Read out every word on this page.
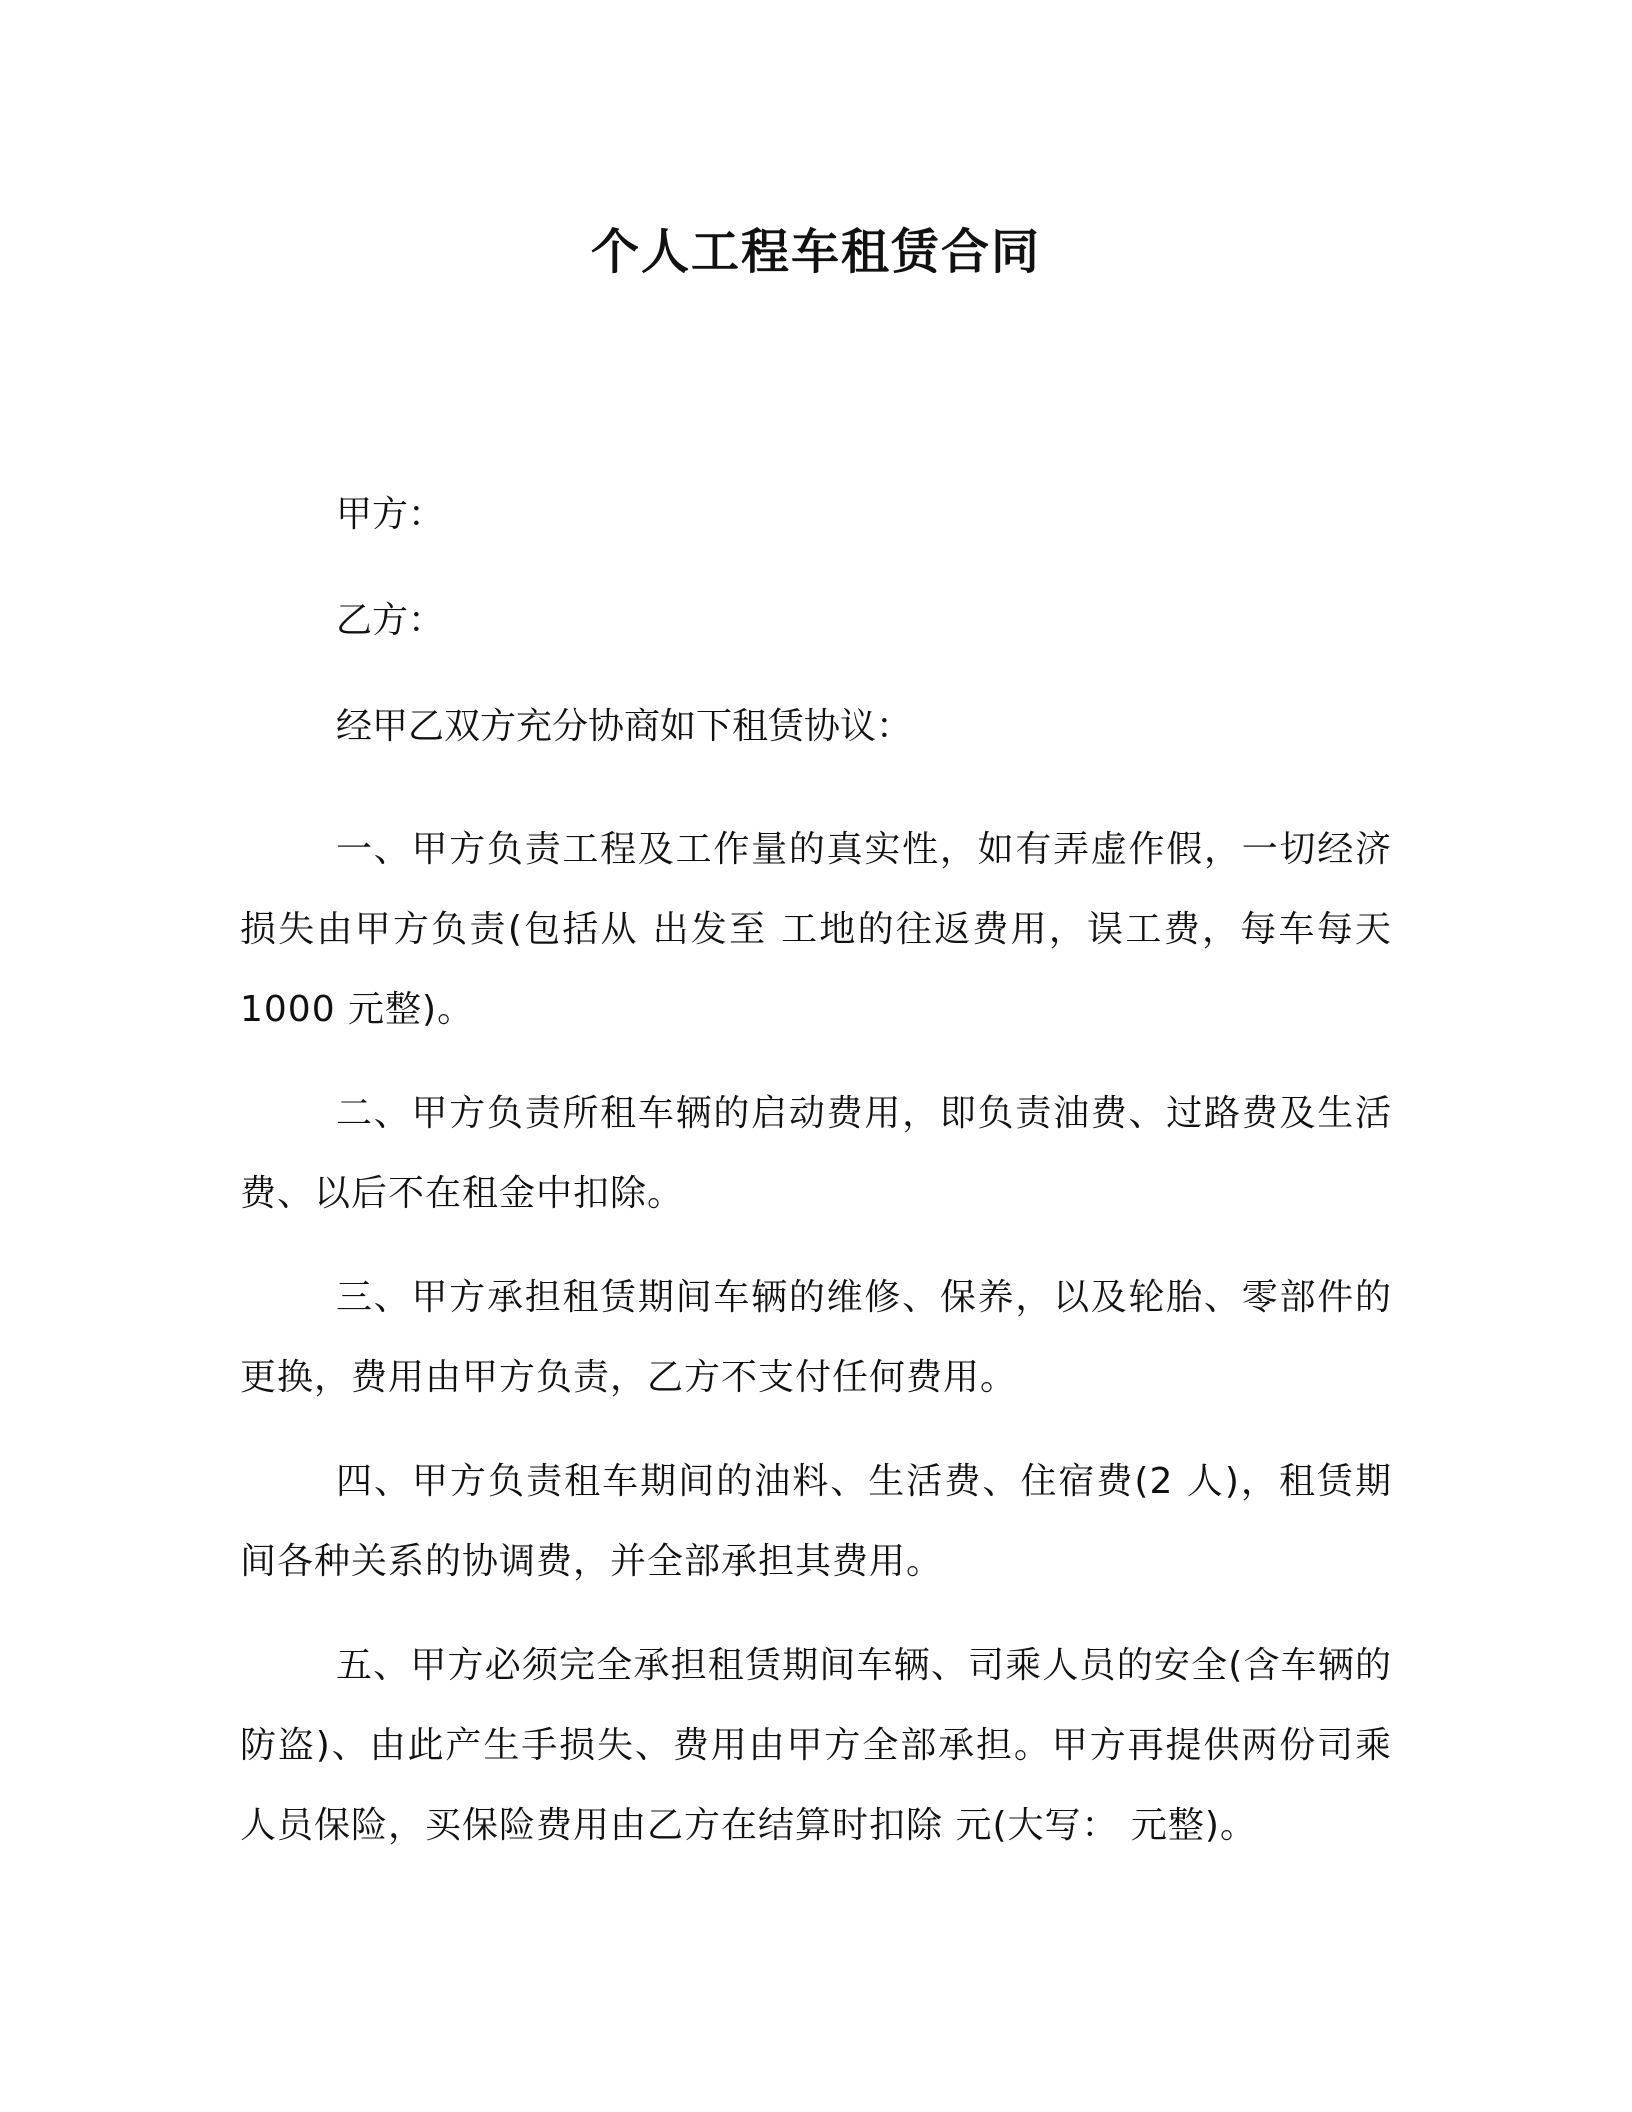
个人工程车租赁合同

甲方：

乙方：

经甲乙双方充分协商如下租赁协议：

一、甲方负责工程及工作量的真实性，如有弄虚作假，一切经济损失由甲方负责(包括从 出发至 工地的往返费用，误工费，每车每天 1000 元整)。

二、甲方负责所租车辆的启动费用，即负责油费、过路费及生活费、以后不在租金中扣除。

三、甲方承担租赁期间车辆的维修、保养，以及轮胎、零部件的更换，费用由甲方负责，乙方不支付任何费用。

四、甲方负责租车期间的油料、生活费、住宿费(2 人)，租赁期间各种关系的协调费，并全部承担其费用。

五、甲方必须完全承担租赁期间车辆、司乘人员的安全(含车辆的防盗)、由此产生手损失、费用由甲方全部承担。甲方再提供两份司乘人员保险，买保险费用由乙方在结算时扣除 元(大写： 元整)。
